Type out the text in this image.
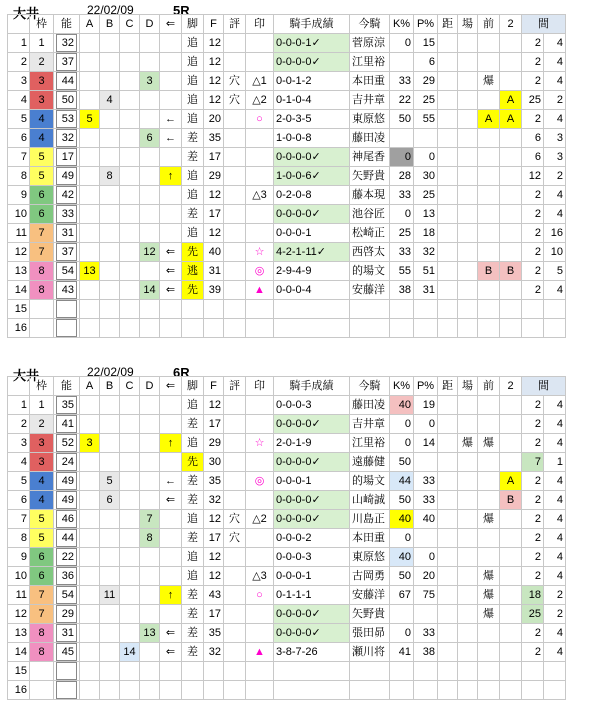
大井	22/02/09	5R
	枠	能	A	B	C	D	⇐	脚	F	評	印	騎手成績	今騎	K%	P%	距	場	前	2	間	
1	1	32						追	12			0-0-0-1✓	菅原涼	0	15					2	4
2	2	37						追	12			0-0-0-0✓	江里裕		6					2	4
3	3	44				3		追	12	穴	△1	0-0-1-2	本田重	33	29			爆		2	4
4	3	50		4				追	12	穴	△2	0-1-0-4	吉井章	22	25				A	25	2
5	4	53	5				←	追	20		○	2-0-3-5	東原悠	50	55			A	A	2	4
6	4	32				6	←	差	35			1-0-0-8	藤田凌							6	3
7	5	17						差	17			0-0-0-0✓	神尾香	0	0					6	3
8	5	49		8			↑	追	29			1-0-0-6✓	矢野貴	28	30					12	2
9	6	42						追	12		△3	0-2-0-8	藤本現	33	25					2	4
10	6	33						差	17			0-0-0-0✓	池谷匠	0	13					2	4
11	7	31						追	12			0-0-0-1	松崎正	25	18					2	16
12	7	37				12	⇐	先	40		☆	4-2-1-11✓	西啓太	33	32					2	10
13	8	54	13				⇐	逃	31		◎	2-9-4-9	的場文	55	51			B	B	2	5
14	8	43				14	⇐	先	39		▲	0-0-0-4	安藤洋	38	31					2	4
15		

16		

大井	22/02/09	6R
	枠	能	A	B	C	D	⇐	脚	F	評	印	騎手成績	今騎	K%	P%	距	場	前	2	間	
1	1	35						追	12			0-0-0-3	藤田凌	40	19					2	4
2	2	41						差	17			0-0-0-0✓	吉井章	0	0					2	4
3	3	52	3				↑	追	29		☆	2-0-1-9	江里裕	0	14		爆	爆		2	4
4	3	24						先	30			0-0-0-0✓	遠藤健	50						7	1
5	4	49		5			←	差	35		◎	0-0-0-1	的場文	44	33				A	2	4
6	4	49		6			⇐	差	32			0-0-0-0✓	山崎誠	50	33				B	2	4
7	5	46				7		追	12	穴	△2	0-0-0-0✓	川島正	40	40			爆		2	4
8	5	44				8		差	17	穴		0-0-0-2	本田重	0						2	4
9	6	22						追	12			0-0-0-3	東原悠	40	0					2	4
10	6	36						追	12		△3	0-0-0-1	古岡勇	50	20			爆		2	4
11	7	54		11			↑	差	43		○	0-1-1-1	安藤洋	67	75			爆		18	2
12	7	29						差	17			0-0-0-0✓	矢野貴					爆		25	2
13	8	31				13	⇐	差	35			0-0-0-0✓	張田昴	0	33					2	4
14	8	45			14		⇐	差	32		▲	3-8-7-26	瀬川将	41	38					2	4
15		

16		
